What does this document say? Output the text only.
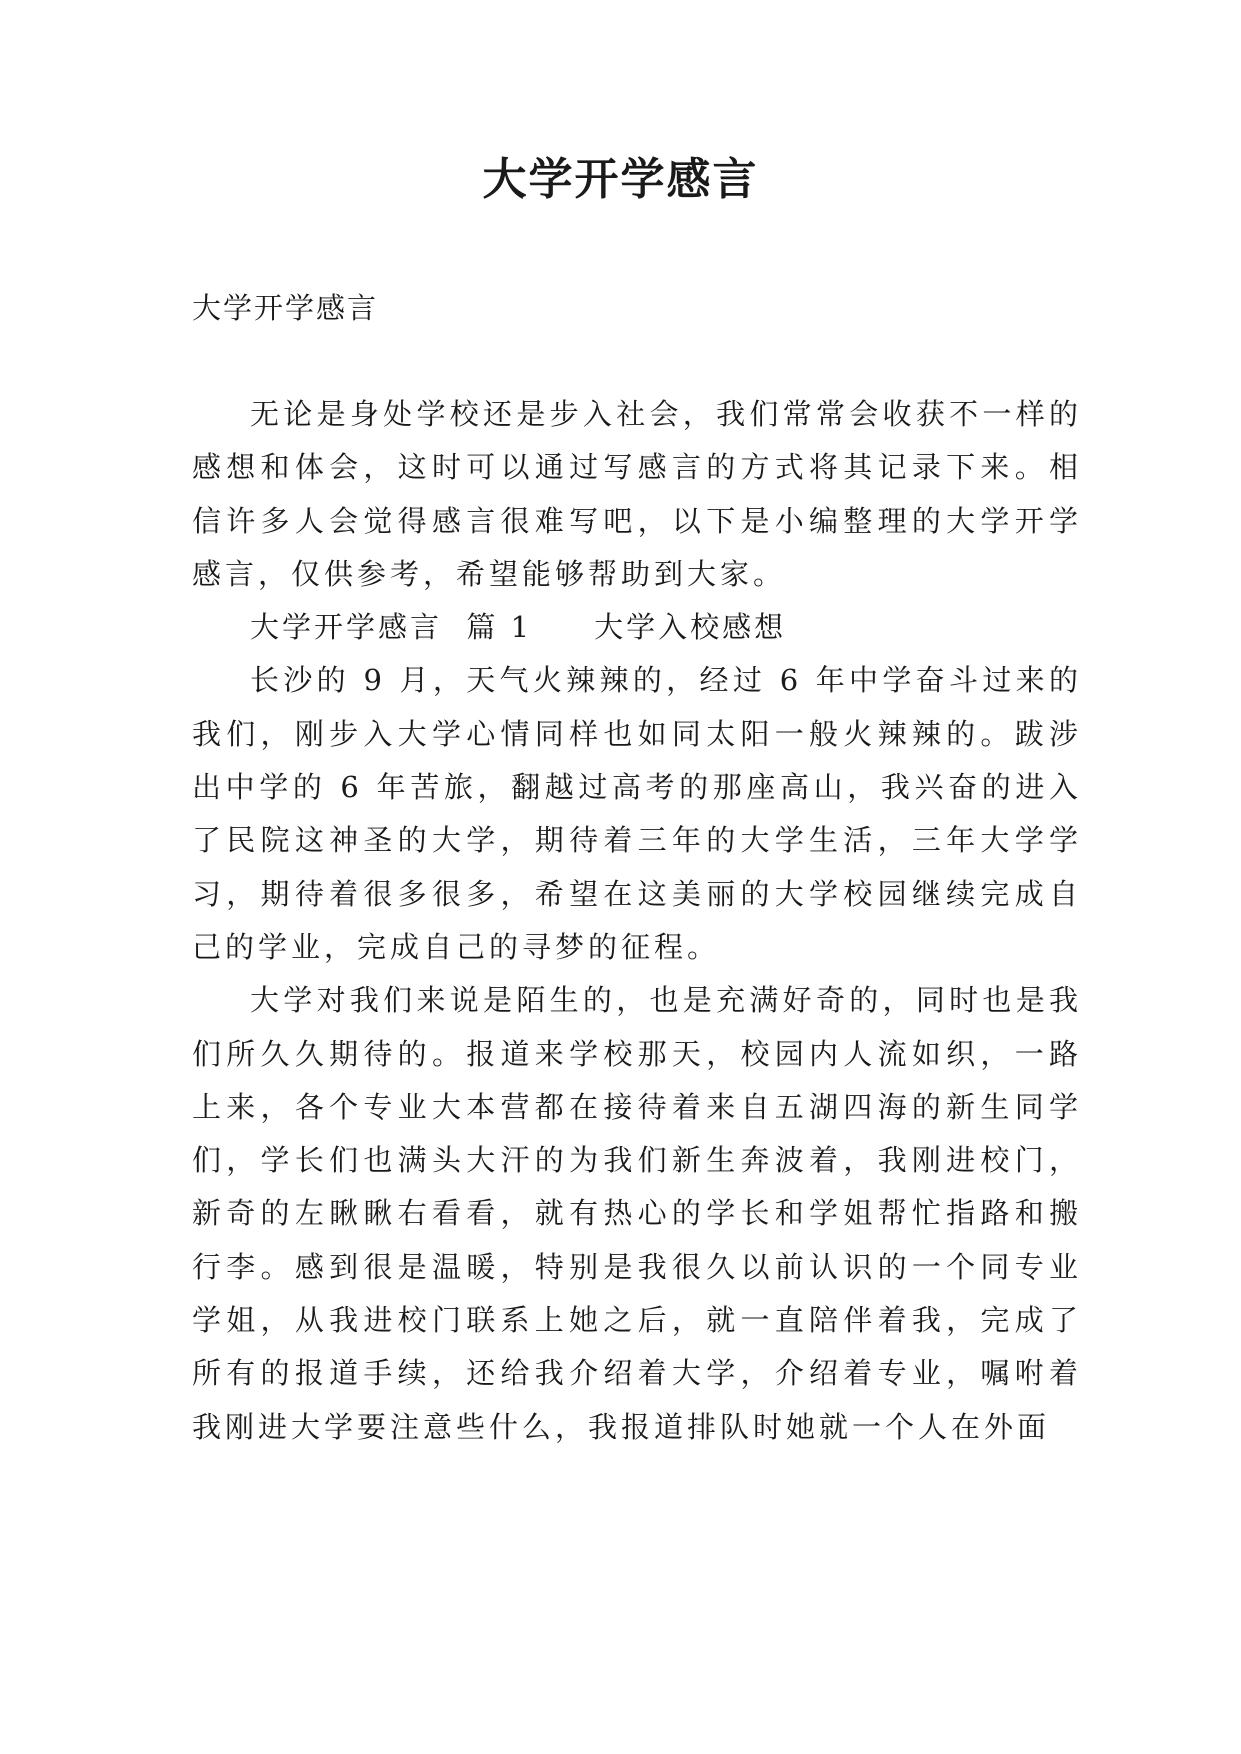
大学开学感言

大学开学感言

无论是身处学校还是步入社会，我们常常会收获不一样的感想和体会，这时可以通过写感言的方式将其记录下来。相信许多人会觉得感言很难写吧，以下是小编整理的大学开学感言，仅供参考，希望能够帮助到大家。

大学开学感言  篇 1 大学入校感想

长沙的 9 月，天气火辣辣的，经过 6 年中学奋斗过来的我们，刚步入大学心情同样也如同太阳一般火辣辣的。跋涉出中学的 6 年苦旅，翻越过高考的那座高山，我兴奋的进入了民院这神圣的大学，期待着三年的大学生活，三年大学学习，期待着很多很多，希望在这美丽的大学校园继续完成自己的学业，完成自己的寻梦的征程。

大学对我们来说是陌生的，也是充满好奇的，同时也是我们所久久期待的。报道来学校那天，校园内人流如织，一路上来，各个专业大本营都在接待着来自五湖四海的新生同学们，学长们也满头大汗的为我们新生奔波着，我刚进校门，新奇的左瞅瞅右看看，就有热心的学长和学姐帮忙指路和搬行李。感到很是温暖，特别是我很久以前认识的一个同专业学姐，从我进校门联系上她之后，就一直陪伴着我，完成了所有的报道手续，还给我介绍着大学，介绍着专业，嘱咐着我刚进大学要注意些什么，我报道排队时她就一个人在外面
